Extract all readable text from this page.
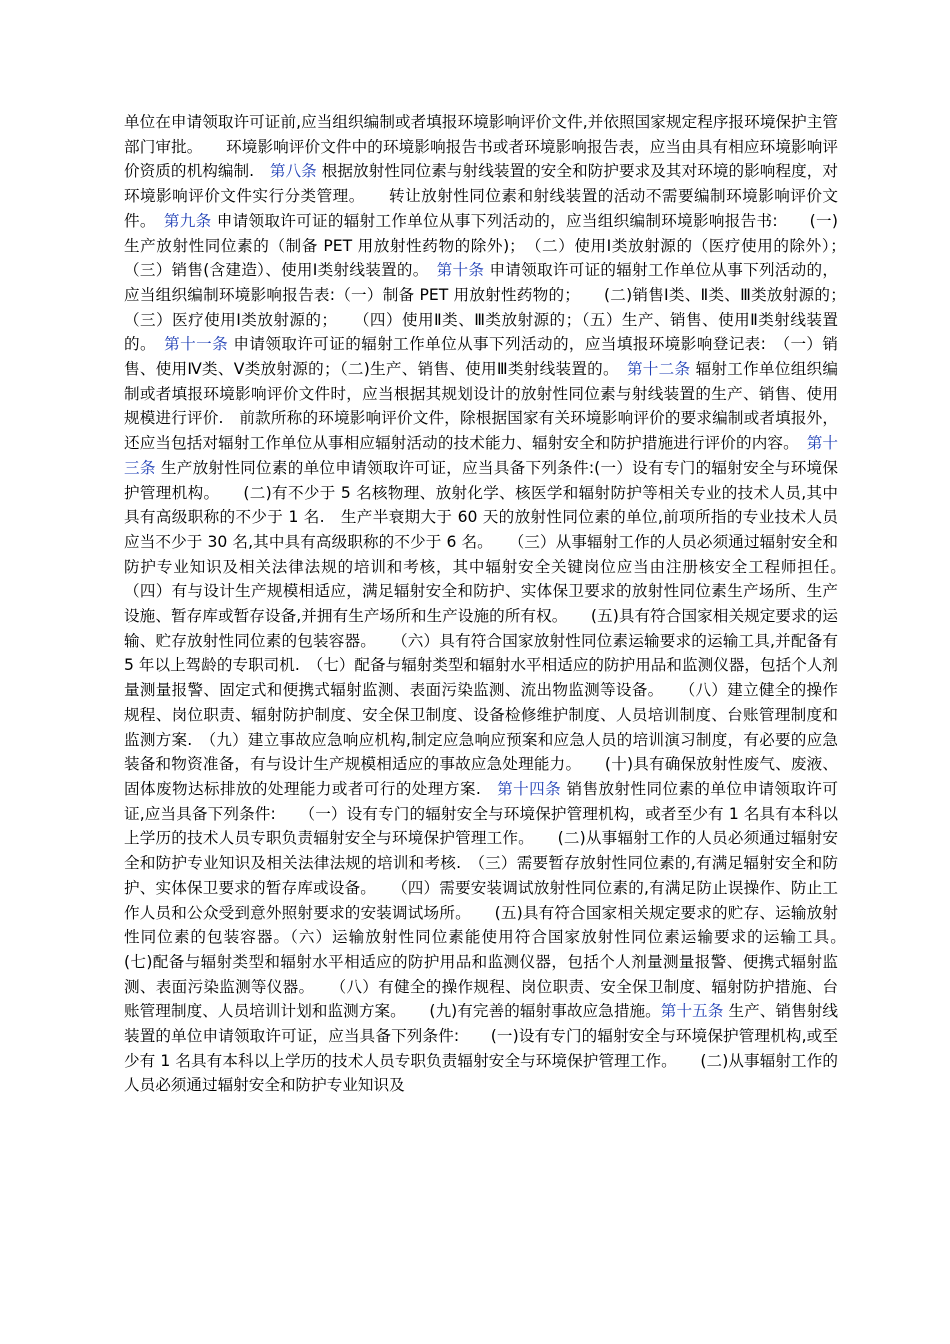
单位在申请领取许可证前,应当组织编制或者填报环境影响评价文件,并依照国家规定程序报环境保护主管部门审批。　　环境影响评价文件中的环境影响报告书或者环境影响报告表，应当由具有相应环境影响评价资质的机构编制.　第八条 根据放射性同位素与射线装置的安全和防护要求及其对环境的影响程度，对环境影响评价文件实行分类管理。　　转让放射性同位素和射线装置的活动不需要编制环境影响评价文件。　第九条 申请领取许可证的辐射工作单位从事下列活动的，应当组织编制环境影响报告书:　　(一)生产放射性同位素的（制备 PET 用放射性药物的除外)；　（二）使用Ⅰ类放射源的（医疗使用的除外）；　　（三）销售(含建造）、使用Ⅰ类射线装置的。　第十条 申请领取许可证的辐射工作单位从事下列活动的，应当组织编制环境影响报告表:（一）制备 PET 用放射性药物的；　　(二)销售Ⅰ类、Ⅱ类、Ⅲ类放射源的；　　（三）医疗使用Ⅰ类放射源的；　　（四）使用Ⅱ类、Ⅲ类放射源的；（五）生产、销售、使用Ⅱ类射线装置的。　第十一条 申请领取许可证的辐射工作单位从事下列活动的，应当填报环境影响登记表:　（一）销售、使用Ⅳ类、Ⅴ类放射源的；（二)生产、销售、使用Ⅲ类射线装置的。　第十二条 辐射工作单位组织编制或者填报环境影响评价文件时，应当根据其规划设计的放射性同位素与射线装置的生产、销售、使用规模进行评价.　前款所称的环境影响评价文件，除根据国家有关环境影响评价的要求编制或者填报外，还应当包括对辐射工作单位从事相应辐射活动的技术能力、辐射安全和防护措施进行评价的内容。　第十三条 生产放射性同位素的单位申请领取许可证，应当具备下列条件:(一）设有专门的辐射安全与环境保护管理机构。　　(二)有不少于 5 名核物理、放射化学、核医学和辐射防护等相关专业的技术人员,其中具有高级职称的不少于 1 名.　生产半衰期大于 60 天的放射性同位素的单位,前项所指的专业技术人员应当不少于 30 名,其中具有高级职称的不少于 6 名。　　（三）从事辐射工作的人员必须通过辐射安全和防护专业知识及相关法律法规的培训和考核，其中辐射安全关键岗位应当由注册核安全工程师担任。　　（四）有与设计生产规模相适应，满足辐射安全和防护、实体保卫要求的放射性同位素生产场所、生产设施、暂存库或暂存设备,并拥有生产场所和生产设施的所有权。　　(五)具有符合国家相关规定要求的运输、贮存放射性同位素的包装容器。　　（六）具有符合国家放射性同位素运输要求的运输工具,并配备有 5 年以上驾龄的专职司机.　（七）配备与辐射类型和辐射水平相适应的防护用品和监测仪器，包括个人剂量测量报警、固定式和便携式辐射监测、表面污染监测、流出物监测等设备。　　（八）建立健全的操作规程、岗位职责、辐射防护制度、安全保卫制度、设备检修维护制度、人员培训制度、台账管理制度和监测方案.　（九）建立事故应急响应机构,制定应急响应预案和应急人员的培训演习制度，有必要的应急装备和物资准备，有与设计生产规模相适应的事故应急处理能力。　　(十)具有确保放射性废气、废液、固体废物达标排放的处理能力或者可行的处理方案.　第十四条 销售放射性同位素的单位申请领取许可证,应当具备下列条件:　　（一）设有专门的辐射安全与环境保护管理机构，或者至少有 1 名具有本科以上学历的技术人员专职负责辐射安全与环境保护管理工作。　　(二)从事辐射工作的人员必须通过辐射安全和防护专业知识及相关法律法规的培训和考核.　（三）需要暂存放射性同位素的,有满足辐射安全和防护、实体保卫要求的暂存库或设备。　　（四）需要安装调试放射性同位素的,有满足防止误操作、防止工作人员和公众受到意外照射要求的安装调试场所。　　(五)具有符合国家相关规定要求的贮存、运输放射性同位素的包装容器。（六）运输放射性同位素能使用符合国家放射性同位素运输要求的运输工具。　　(七)配备与辐射类型和辐射水平相适应的防护用品和监测仪器，包括个人剂量测量报警、便携式辐射监测、表面污染监测等仪器。　　（八）有健全的操作规程、岗位职责、安全保卫制度、辐射防护措施、台账管理制度、人员培训计划和监测方案。　　(九)有完善的辐射事故应急措施。第十五条 生产、销售射线装置的单位申请领取许可证，应当具备下列条件:　　(一)设有专门的辐射安全与环境保护管理机构,或至少有 1 名具有本科以上学历的技术人员专职负责辐射安全与环境保护管理工作。　　(二)从事辐射工作的人员必须通过辐射安全和防护专业知识及
